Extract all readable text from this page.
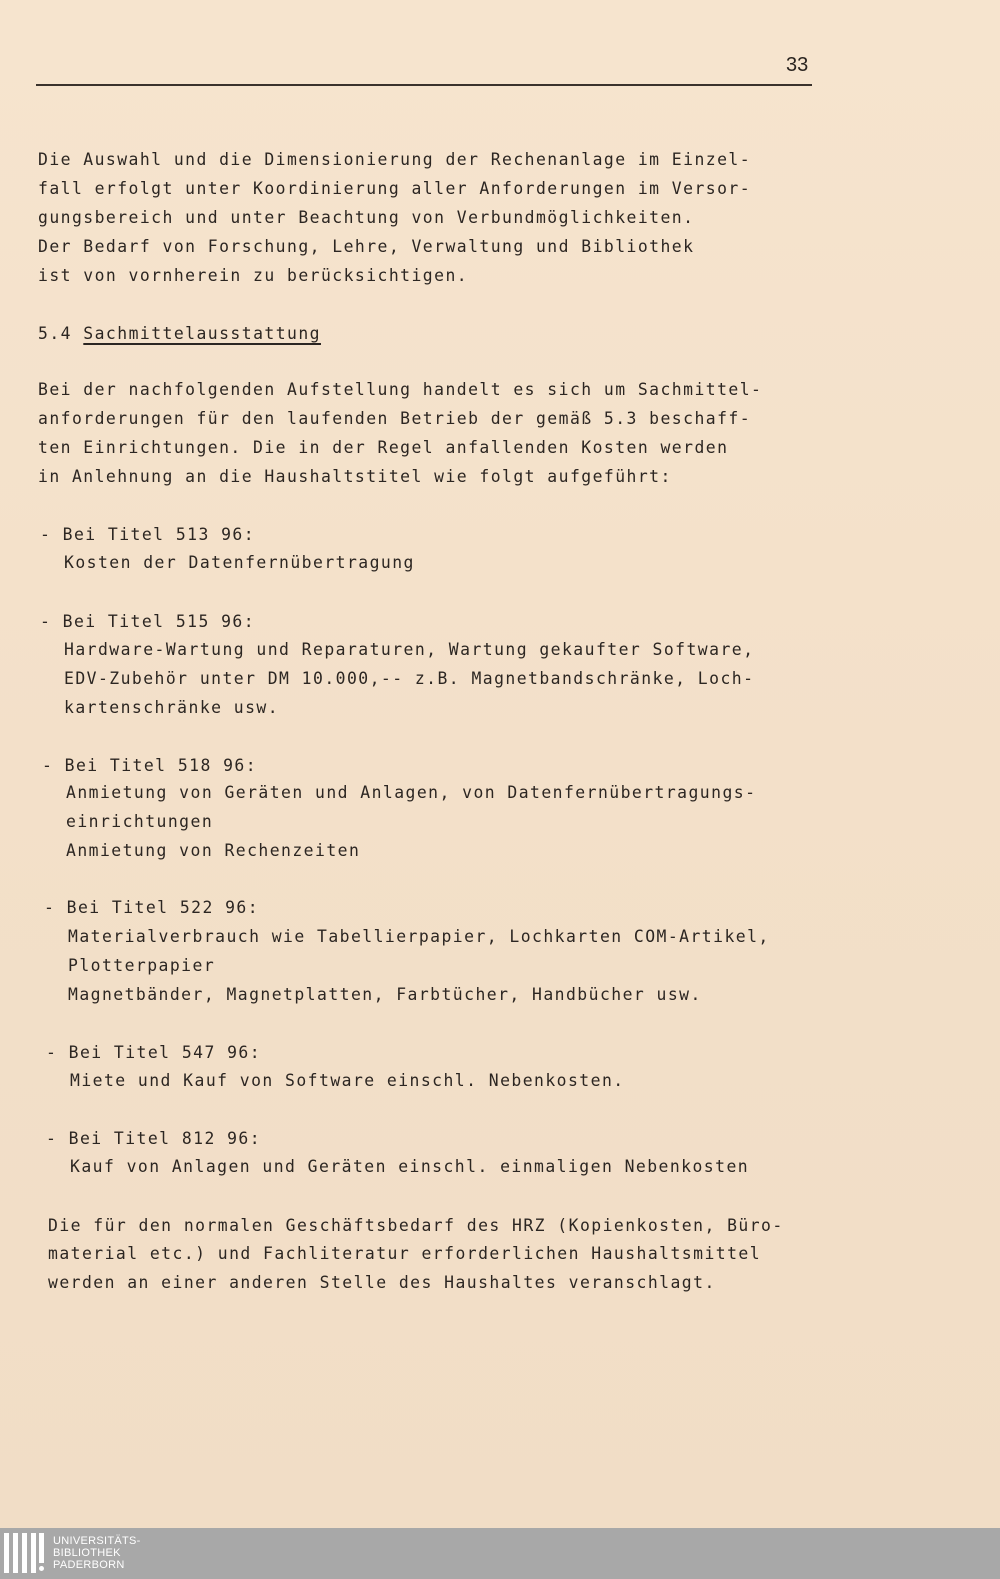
33
Die Auswahl und die Dimensionierung der Rechenanlage im Einzel-
fall erfolgt unter Koordinierung aller Anforderungen im Versor-
gungsbereich und unter Beachtung von Verbundmöglichkeiten.
Der Bedarf von Forschung, Lehre, Verwaltung und Bibliothek
ist von vornherein zu berücksichtigen.
5.4 Sachmittelausstattung
Bei der nachfolgenden Aufstellung handelt es sich um Sachmittel-
anforderungen für den laufenden Betrieb der gemäß 5.3 beschaff-
ten Einrichtungen. Die in der Regel anfallenden Kosten werden
in Anlehnung an die Haushaltstitel wie folgt aufgeführt:
- Bei Titel 513 96:
Kosten der Datenfernübertragung
- Bei Titel 515 96:
Hardware-Wartung und Reparaturen, Wartung gekaufter Software,
EDV-Zubehör unter DM 10.000,-- z.B. Magnetbandschränke, Loch-
kartenschränke usw.
- Bei Titel 518 96:
Anmietung von Geräten und Anlagen, von Datenfernübertragungs-
einrichtungen
Anmietung von Rechenzeiten
- Bei Titel 522 96:
Materialverbrauch wie Tabellierpapier, Lochkarten COM-Artikel,
Plotterpapier
Magnetbänder, Magnetplatten, Farbtücher, Handbücher usw.
- Bei Titel 547 96:
Miete und Kauf von Software einschl. Nebenkosten.
- Bei Titel 812 96:
Kauf von Anlagen und Geräten einschl. einmaligen Nebenkosten
Die für den normalen Geschäftsbedarf des HRZ (Kopienkosten, Büro-
material etc.) und Fachliteratur erforderlichen Haushaltsmittel
werden an einer anderen Stelle des Haushaltes veranschlagt.
UNIVERSITÄTS-
BIBLIOTHEK
PADERBORN
